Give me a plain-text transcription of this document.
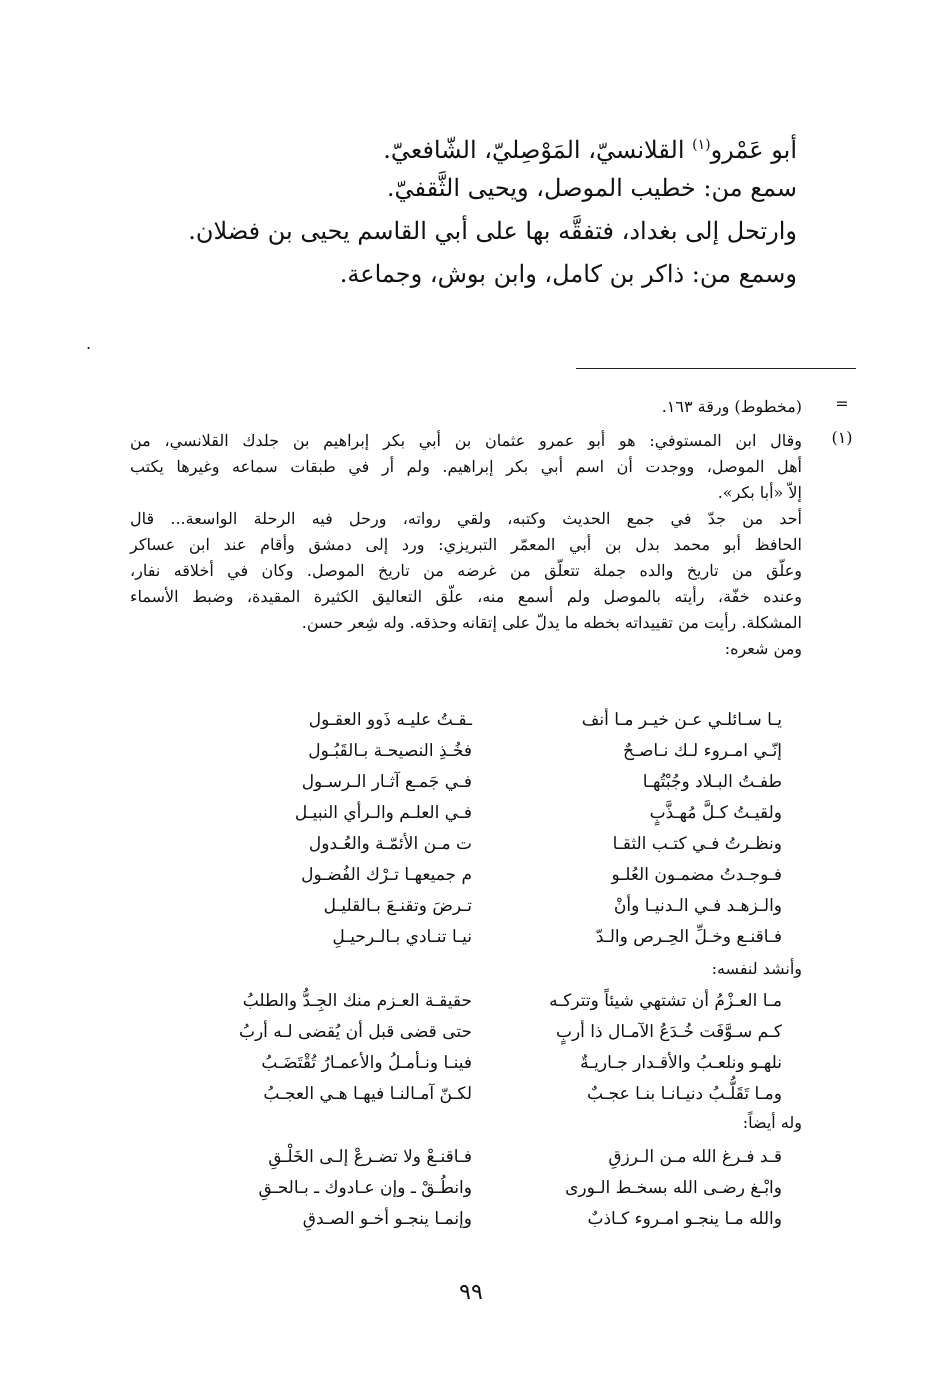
أبو عَمْرو$^{(١)}$ القلانسيّ، المَوْصِليّ، الشّافعيّ.
سمع من: خطيب الموصل، ويحيى الثَّقفيّ.
وارتحل إلى بغداد، فتفقَّه بها على أبي القاسم يحيى بن فضلان.
وسمع من: ذاكر بن كامل، وابن بوش، وجماعة.
=
(مخطوط) ورقة ١٦٣.
(١)
وقال ابن المستوفي: هو أبو عمرو عثمان بن أبي بكر إبراهيم بن جلدك القلانسي، من
أهل الموصل، ووجدت أن اسم أبي بكر إبراهيم. ولم أر في طبقات سماعه وغيرها يكتب
إلاّ «أبا بكر».
أحد من جدّ في جمع الحديث وكتبه، ولقي رواته، ورحل فيه الرحلة الواسعة... قال
الحافظ أبو محمد بدل بن أبي المعمّر التبريزي: ورد إلى دمشق وأقام عند ابن عساكر
وعلّق من تاريخ والده جملة تتعلّق من غرضه من تاريخ الموصل. وكان في أخلاقه نفار،
وعنده خفّة، رأيته بالموصل ولم أسمع منه، علّق التعاليق الكثيرة المقيدة، وضبط الأسماء
المشكلة. رأيت من تقييداته بخطه ما يدلّ على إتقانه وحذقه. وله شِعر حسن.
ومن شعره:
يـا سـائلـي عـن خيـر مـا أنف
ـقـتُ عليـه ذَوو العقـول
إنّـي امـروء لـك نـاصـحٌ
فخُـذِ النصيحـة بـالقَبُـول
طفـتُ البـلاد وجُبْتُهـا
فـي جَمـع آثـار الـرسـول
ولقيـتُ كـلَّ مُهـذَّبٍ
فـي العلـم والـرأي النبيـل
ونظـرتُ فـي كتـب الثقـا
ت مـن الأئمّـة والعُـدول
فـوجـدتُ مضمـون العُلـو
م جميعهـا تـرْك الفُضـول
والـزهـد فـي الـدنيـا وأنْ
تـرضَ وتقنـعَ بـالقليـل
فـاقنـع وخـلِّ الحِـرص والـدّ
نيـا تنـادي بـالـرحيـلِ
وأنشد لنفسه:
مـا العـزْمُ أن تشتهي شيئاً وتتركـه
حقيقـة العـزم منك الجِـدُّ والطلبُ
كـم سـوَّفَت خُـدَعُ الآمـال ذا أربٍ
حتى قضى قبل أن يُقضى لـه أربُ
نلهـو ونلعـبُ والأقـدار جـاريـةٌ
فينـا ونـأمـلُ والأعمـارُ تُقْتَضَـبُ
ومـا تَقَلُّـبُ دنيـانـا بنـا عجـبٌ
لكـنّ آمـالنـا فيهـا هـي العجـبُ
وله أيضاً:
قـد فـرغ الله مـن الـرزقِ
فـاقنـعْ ولا تضـرعْ إلـى الخَلْـقِ
وابْـغ رضـى الله بسخـط الـورى
وانطُـقْ ـ وإن عـادوك ـ بـالحـقِ
والله مـا ينجـو امـروء كـاذبٌ
وإنمـا ينجـو أخـو الصـدقِ
٩٩
.
